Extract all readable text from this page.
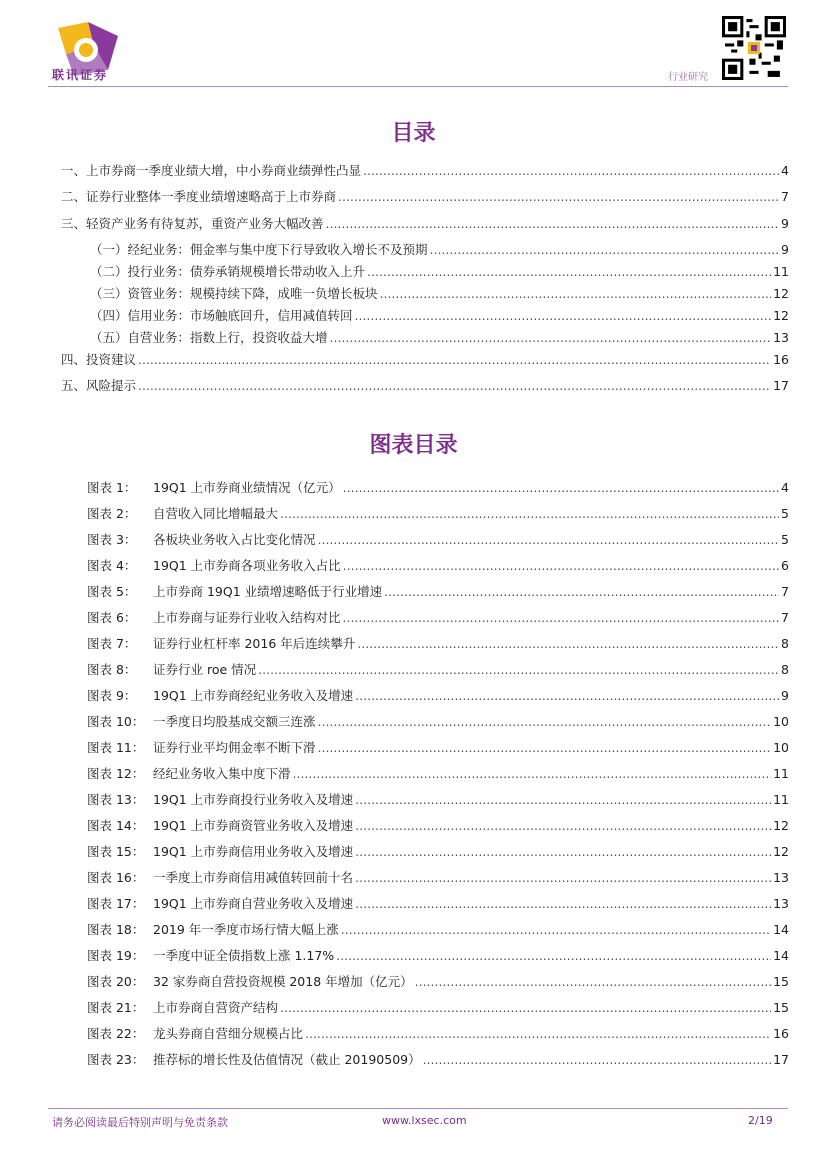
联讯证券	行业研究
目录
一、上市券商一季度业绩大增，中小券商业绩弹性凸显 .....	4
二、证券行业整体一季度业绩增速略高于上市券商 .....	7
三、轻资产业务有待复苏，重资产业务大幅改善 .....	9
（一）经纪业务：佣金率与集中度下行导致收入增长不及预期 .....	9
（二）投行业务：债券承销规模增长带动收入上升 .....	11
（三）资管业务：规模持续下降，成唯一负增长板块 .....	12
（四）信用业务：市场触底回升，信用减值转回 .....	12
（五）自营业务：指数上行，投资收益大增 .....	13
四、投资建议 .....	16
五、风险提示 .....	17
图表目录
图表 1：	19Q1 上市券商业绩情况（亿元） .....	4
图表 2：	自营收入同比增幅最大 .....	5
图表 3：	各板块业务收入占比变化情况 .....	5
图表 4：	19Q1 上市券商各项业务收入占比 .....	6
图表 5：	上市券商 19Q1 业绩增速略低于行业增速 .....	7
图表 6：	上市券商与证券行业收入结构对比 .....	7
图表 7：	证券行业杠杆率 2016 年后连续攀升 .....	8
图表 8：	证券行业 roe 情况 .....	8
图表 9：	19Q1 上市券商经纪业务收入及增速 .....	9
图表 10： 一季度日均股基成交额三连涨 .....	10
图表 11： 证券行业平均佣金率不断下滑 .....	10
图表 12： 经纪业务收入集中度下滑 .....	11
图表 13： 19Q1 上市券商投行业务收入及增速 .....	11
图表 14： 19Q1 上市券商资管业务收入及增速 .....	12
图表 15： 19Q1 上市券商信用业务收入及增速 .....	12
图表 16： 一季度上市券商信用减值转回前十名 .....	13
图表 17： 19Q1 上市券商自营业务收入及增速 .....	13
图表 18： 2019 年一季度市场行情大幅上涨 .....	14
图表 19： 一季度中证全债指数上涨 1.17% .....	14
图表 20： 32 家券商自营投资规模 2018 年增加（亿元） .....	15
图表 21： 上市券商自营资产结构 .....	15
图表 22： 龙头券商自营细分规模占比 .....	16
图表 23： 推荐标的增长性及估值情况（截止 20190509） .....	17
请务必阅读最后特别声明与免责条款	www.lxsec.com	2/19
